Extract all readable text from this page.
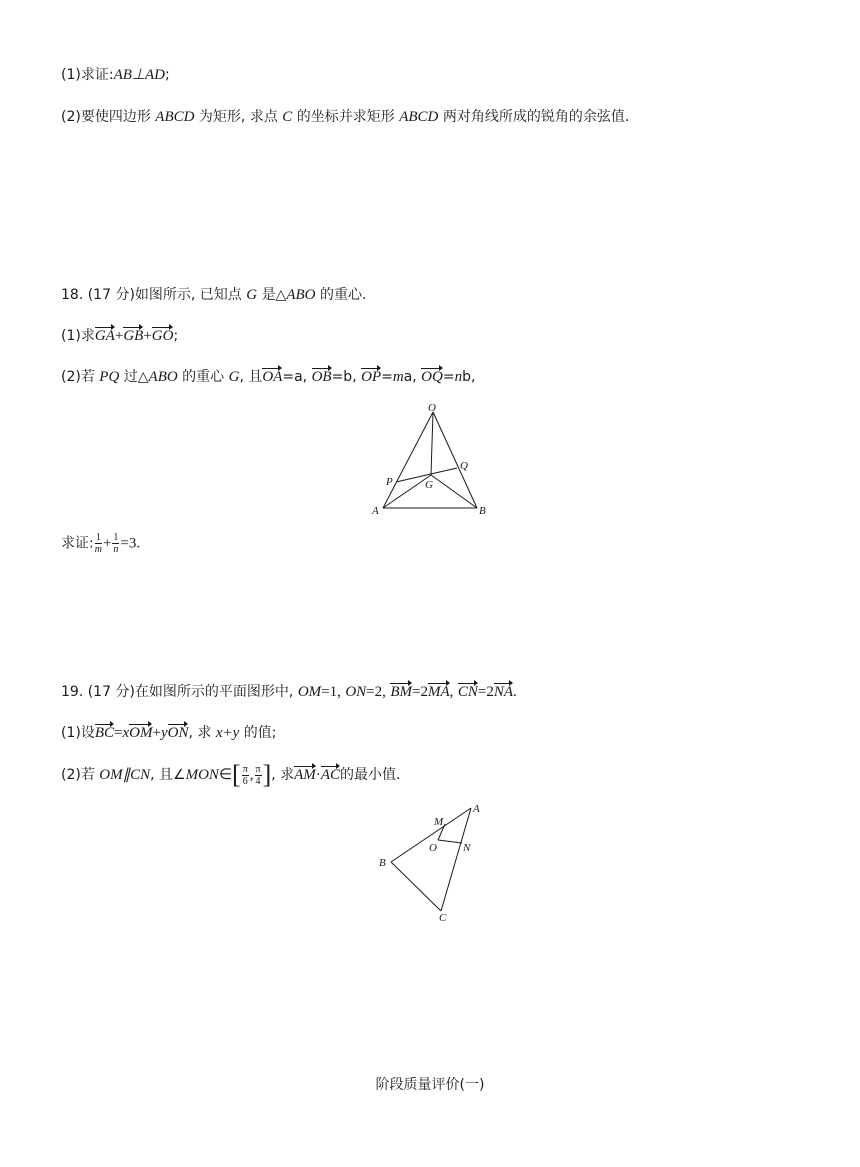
(1)求证:AB⊥AD;
(2)要使四边形 ABCD 为矩形, 求点 C 的坐标并求矩形 ABCD 两对角线所成的锐角的余弦值.
18. (17 分)如图所示, 已知点 G 是△ABO 的重心.
(1)求GA+GB+GO;
(2)若 PQ 过△ABO 的重心 G, 且OA=a, OB=b, OP=ma, OQ=nb,
O
A	B
P
Q
G
求证: $\frac{1}{m} + \frac{1}{n} =3$.
19. (17 分)在如图所示的平面图形中, OM=1, ON=2, BM=2MA, CN=2NA.
(1)设BC=xOM+yON, 求 x+y 的值;
(2)若 OM∥CN, 且∠MON∈[ $\frac{\pi}{6}$ , $\frac{\pi}{4}$ ], 求AM·AC的最小值.
A
M
O N
B
C
阶段质量评价(一)
